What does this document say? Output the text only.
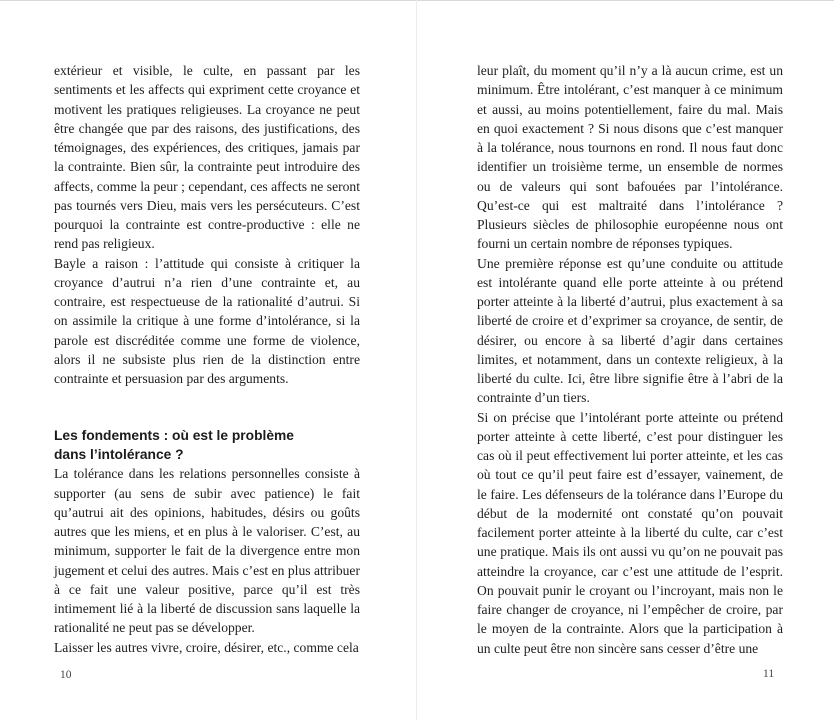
extérieur et visible, le culte, en passant par les sentiments et les affects qui expriment cette croyance et motivent les pratiques religieuses. La croyance ne peut être changée que par des raisons, des justifications, des témoignages, des expériences, des critiques, jamais par la contrainte. Bien sûr, la contrainte peut introduire des affects, comme la peur ; cependant, ces affects ne seront pas tournés vers Dieu, mais vers les persécuteurs. C’est pourquoi la contrainte est contre-productive : elle ne rend pas religieux.

Bayle a raison : l’attitude qui consiste à critiquer la croyance d’autrui n’a rien d’une contrainte et, au contraire, est respectueuse de la rationalité d’autrui. Si on assimile la critique à une forme d’intolérance, si la parole est discréditée comme une forme de violence, alors il ne subsiste plus rien de la distinction entre contrainte et persuasion par des arguments.

Les fondements : où est le problème
dans l’intolérance ?

La tolérance dans les relations personnelles consiste à supporter (au sens de subir avec patience) le fait qu’autrui ait des opinions, habitudes, désirs ou goûts autres que les miens, et en plus à le valoriser. C’est, au minimum, supporter le fait de la divergence entre mon jugement et celui des autres. Mais c’est en plus attribuer à ce fait une valeur positive, parce qu’il est très intimement lié à la liberté de discussion sans laquelle la rationalité ne peut pas se développer.

Laisser les autres vivre, croire, désirer, etc., comme cela

10

leur plaît, du moment qu’il n’y a là aucun crime, est un minimum. Être intolérant, c’est manquer à ce minimum et aussi, au moins potentiellement, faire du mal. Mais en quoi exactement ? Si nous disons que c’est manquer à la tolérance, nous tournons en rond. Il nous faut donc identifier un troisième terme, un ensemble de normes ou de valeurs qui sont bafouées par l’intolérance. Qu’est-ce qui est maltraité dans l’intolérance ? Plusieurs siècles de philosophie européenne nous ont fourni un certain nombre de réponses typiques.

Une première réponse est qu’une conduite ou attitude est intolérante quand elle porte atteinte à ou prétend porter atteinte à la liberté d’autrui, plus exactement à sa liberté de croire et d’exprimer sa croyance, de sentir, de désirer, ou encore à sa liberté d’agir dans certaines limites, et notamment, dans un contexte religieux, à la liberté du culte. Ici, être libre signifie être à l’abri de la contrainte d’un tiers.

Si on précise que l’intolérant porte atteinte ou prétend porter atteinte à cette liberté, c’est pour distinguer les cas où il peut effectivement lui porter atteinte, et les cas où tout ce qu’il peut faire est d’essayer, vainement, de le faire. Les défenseurs de la tolérance dans l’Europe du début de la modernité ont constaté qu’on pouvait facilement porter atteinte à la liberté du culte, car c’est une pratique. Mais ils ont aussi vu qu’on ne pouvait pas atteindre la croyance, car c’est une attitude de l’esprit. On pouvait punir le croyant ou l’incroyant, mais non le faire changer de croyance, ni l’empêcher de croire, par le moyen de la contrainte. Alors que la participation à un culte peut être non sincère sans cesser d’être une

11
